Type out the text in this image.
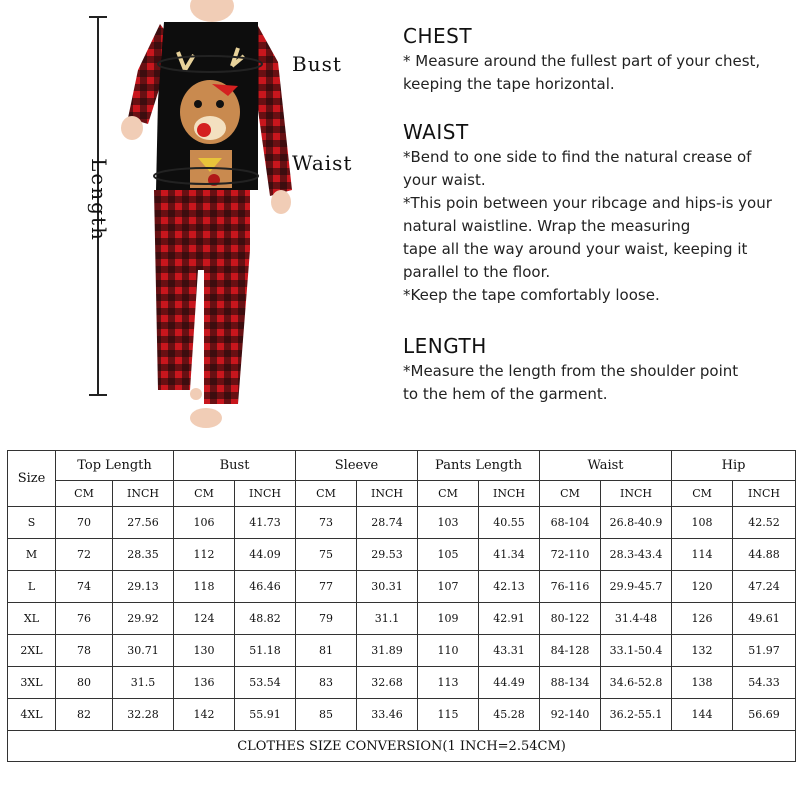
Length
Bust
Waist
CHEST

* Measure around the fullest part of your chest,

keeping the tape horizontal.

WAIST

*Bend to one side to find the natural crease of

your waist.

*This poin between your ribcage and hips-is your

natural waistline. Wrap the measuring

tape all the way around your waist, keeping it

parallel to the floor.

*Keep the tape comfortably loose.

LENGTH

*Measure the length from the shoulder point

to the hem of the garment.

Size	Top Length		Bust		Sleeve		Pants Length		Waist		Hip	
	CM	INCH	CM	INCH	CM	INCH	CM	INCH	CM	INCH	CM	INCH
S	70	27.56	106	41.73	73	28.74	103	40.55	68-104	26.8-40.9	108	42.52
M	72	28.35	112	44.09	75	29.53	105	41.34	72-110	28.3-43.4	114	44.88
L	74	29.13	118	46.46	77	30.31	107	42.13	76-116	29.9-45.7	120	47.24
XL	76	29.92	124	48.82	79	31.1	109	42.91	80-122	31.4-48	126	49.61
2XL	78	30.71	130	51.18	81	31.89	110	43.31	84-128	33.1-50.4	132	51.97
3XL	80	31.5	136	53.54	83	32.68	113	44.49	88-134	34.6-52.8	138	54.33
4XL	82	32.28	142	55.91	85	33.46	115	45.28	92-140	36.2-55.1	144	56.69
CLOTHES SIZE CONVERSION(1 INCH=2.54CM)												
